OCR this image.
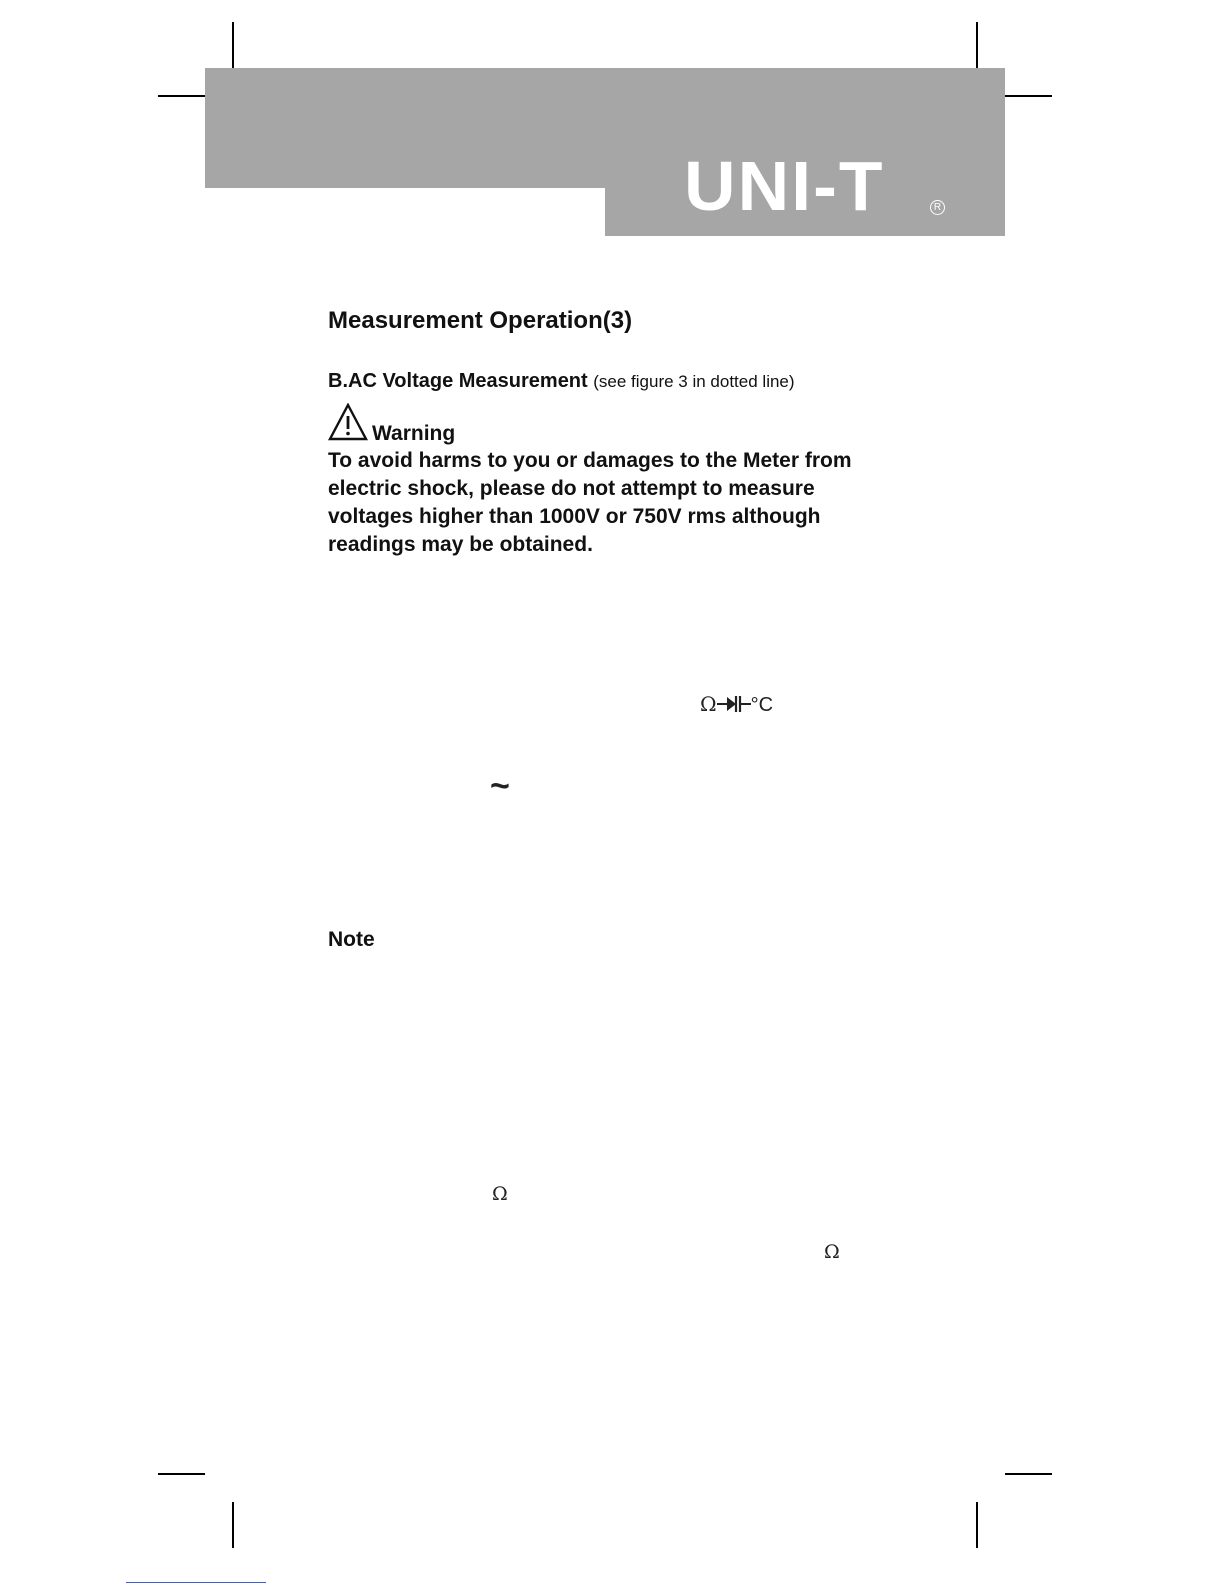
UNI-T	R
Measurement Operation(3)
B.AC Voltage Measurement (see figure 3 in dotted line)
Warning
To avoid harms to you or damages to the Meter from
electric shock, please do not attempt to measure
voltages higher than 1000V or 750V rms although
readings may be obtained.
Ω °C
~
Note
Ω
Ω
